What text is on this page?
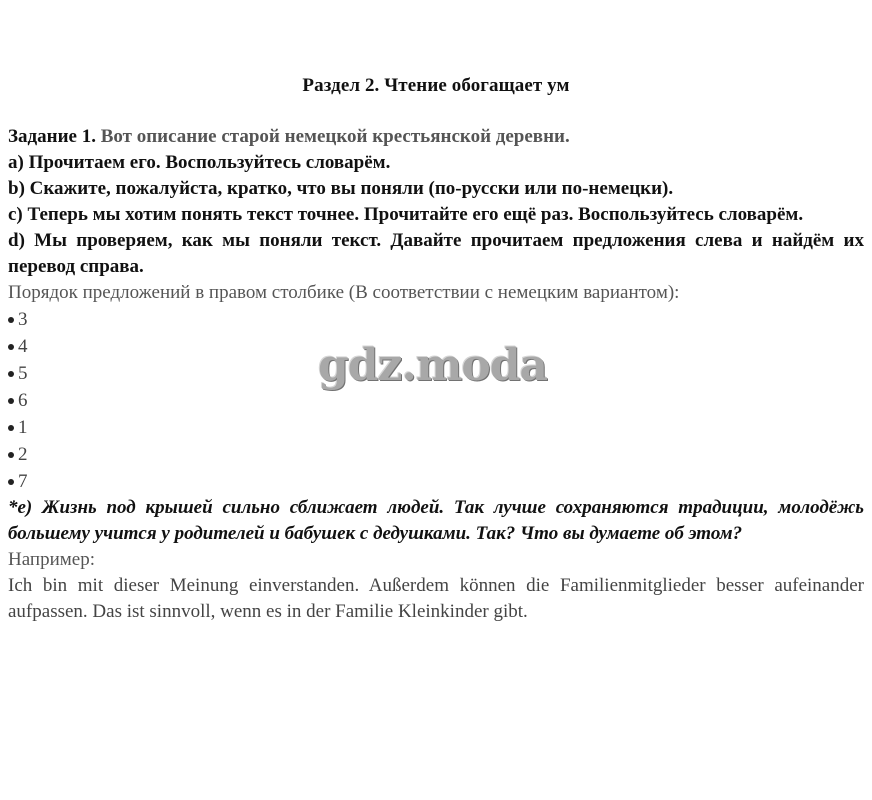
Раздел 2. Чтение обогащает ум

Задание 1. Вот описание старой немецкой крестьянской деревни.

a) Прочитаем его. Воспользуйтесь словарём.

b) Скажите, пожалуйста, кратко, что вы поняли (по-русски или по-немецки).

c) Теперь мы хотим понять текст точнее. Прочитайте его ещё раз. Воспользуйтесь словарём.

d) Мы проверяем, как мы поняли текст. Давайте прочитаем предложения слева и найдём их перевод справа.

Порядок предложений в правом столбике (В соответствии с немецким вариантом):

3
4
5
6
1
2
7

*e) Жизнь под крышей сильно сближает людей. Так лучше сохраняются традиции, молодёжь большему учится у родителей и бабушек с дедушками. Так? Что вы думаете об этом?

Например:

Ich bin mit dieser Meinung einverstanden. Außerdem können die Familienmitglieder besser aufeinander aufpassen. Das ist sinnvoll, wenn es in der Familie Kleinkinder gibt.

gdz.moda
